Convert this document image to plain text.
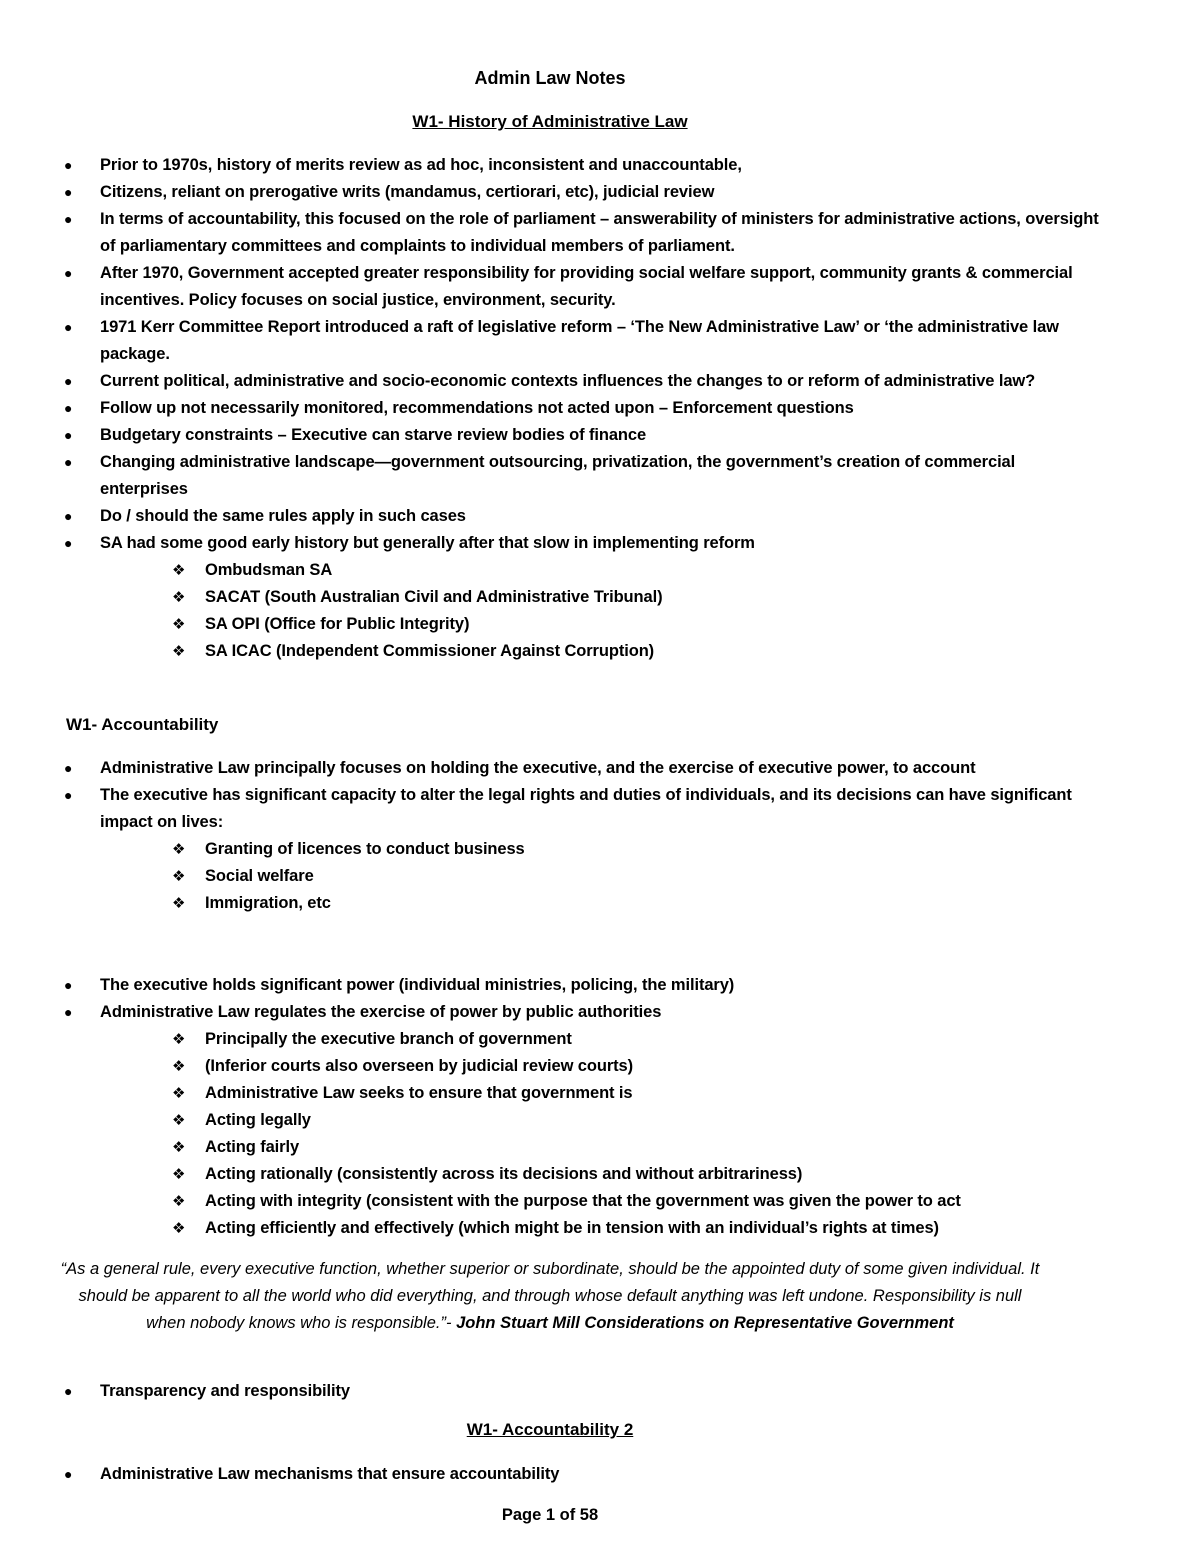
Admin Law Notes
W1- History of Administrative Law
● Prior to 1970s, history of merits review as ad hoc, inconsistent and unaccountable,
● Citizens, reliant on prerogative writs (mandamus, certiorari, etc), judicial review
● In terms of accountability, this focused on the role of parliament – answerability of ministers for administrative actions, oversight of parliamentary committees and complaints to individual members of parliament.
● After 1970, Government accepted greater responsibility for providing social welfare support, community grants & commercial incentives. Policy focuses on social justice, environment, security.
● 1971 Kerr Committee Report introduced a raft of legislative reform – ‘The New Administrative Law’ or ‘the administrative law package.
● Current political, administrative and socio-economic contexts influences the changes to or reform of administrative law?
● Follow up not necessarily monitored, recommendations not acted upon – Enforcement questions
● Budgetary constraints – Executive can starve review bodies of finance
● Changing administrative landscape—government outsourcing, privatization, the government’s creation of commercial enterprises
● Do / should the same rules apply in such cases
● SA had some good early history but generally after that slow in implementing reform
❖ Ombudsman SA
❖ SACAT (South Australian Civil and Administrative Tribunal)
❖ SA OPI (Office for Public Integrity)
❖ SA ICAC (Independent Commissioner Against Corruption)
W1- Accountability
● Administrative Law principally focuses on holding the executive, and the exercise of executive power, to account
● The executive has significant capacity to alter the legal rights and duties of individuals, and its decisions can have significant impact on lives:
❖ Granting of licences to conduct business
❖ Social welfare
❖ Immigration, etc
● The executive holds significant power (individual ministries, policing, the military)
● Administrative Law regulates the exercise of power by public authorities
❖ Principally the executive branch of government
❖ (Inferior courts also overseen by judicial review courts)
❖ Administrative Law seeks to ensure that government is
❖ Acting legally
❖ Acting fairly
❖ Acting rationally (consistently across its decisions and without arbitrariness)
❖ Acting with integrity (consistent with the purpose that the government was given the power to act
❖ Acting efficiently and effectively (which might be in tension with an individual’s rights at times)
“As a general rule, every executive function, whether superior or subordinate, should be the appointed duty of some given individual. It should be apparent to all the world who did everything, and through whose default anything was left undone. Responsibility is null when nobody knows who is responsible.”- John Stuart Mill Considerations on Representative Government
● Transparency and responsibility
W1- Accountability 2
● Administrative Law mechanisms that ensure accountability
Page 1 of 58
